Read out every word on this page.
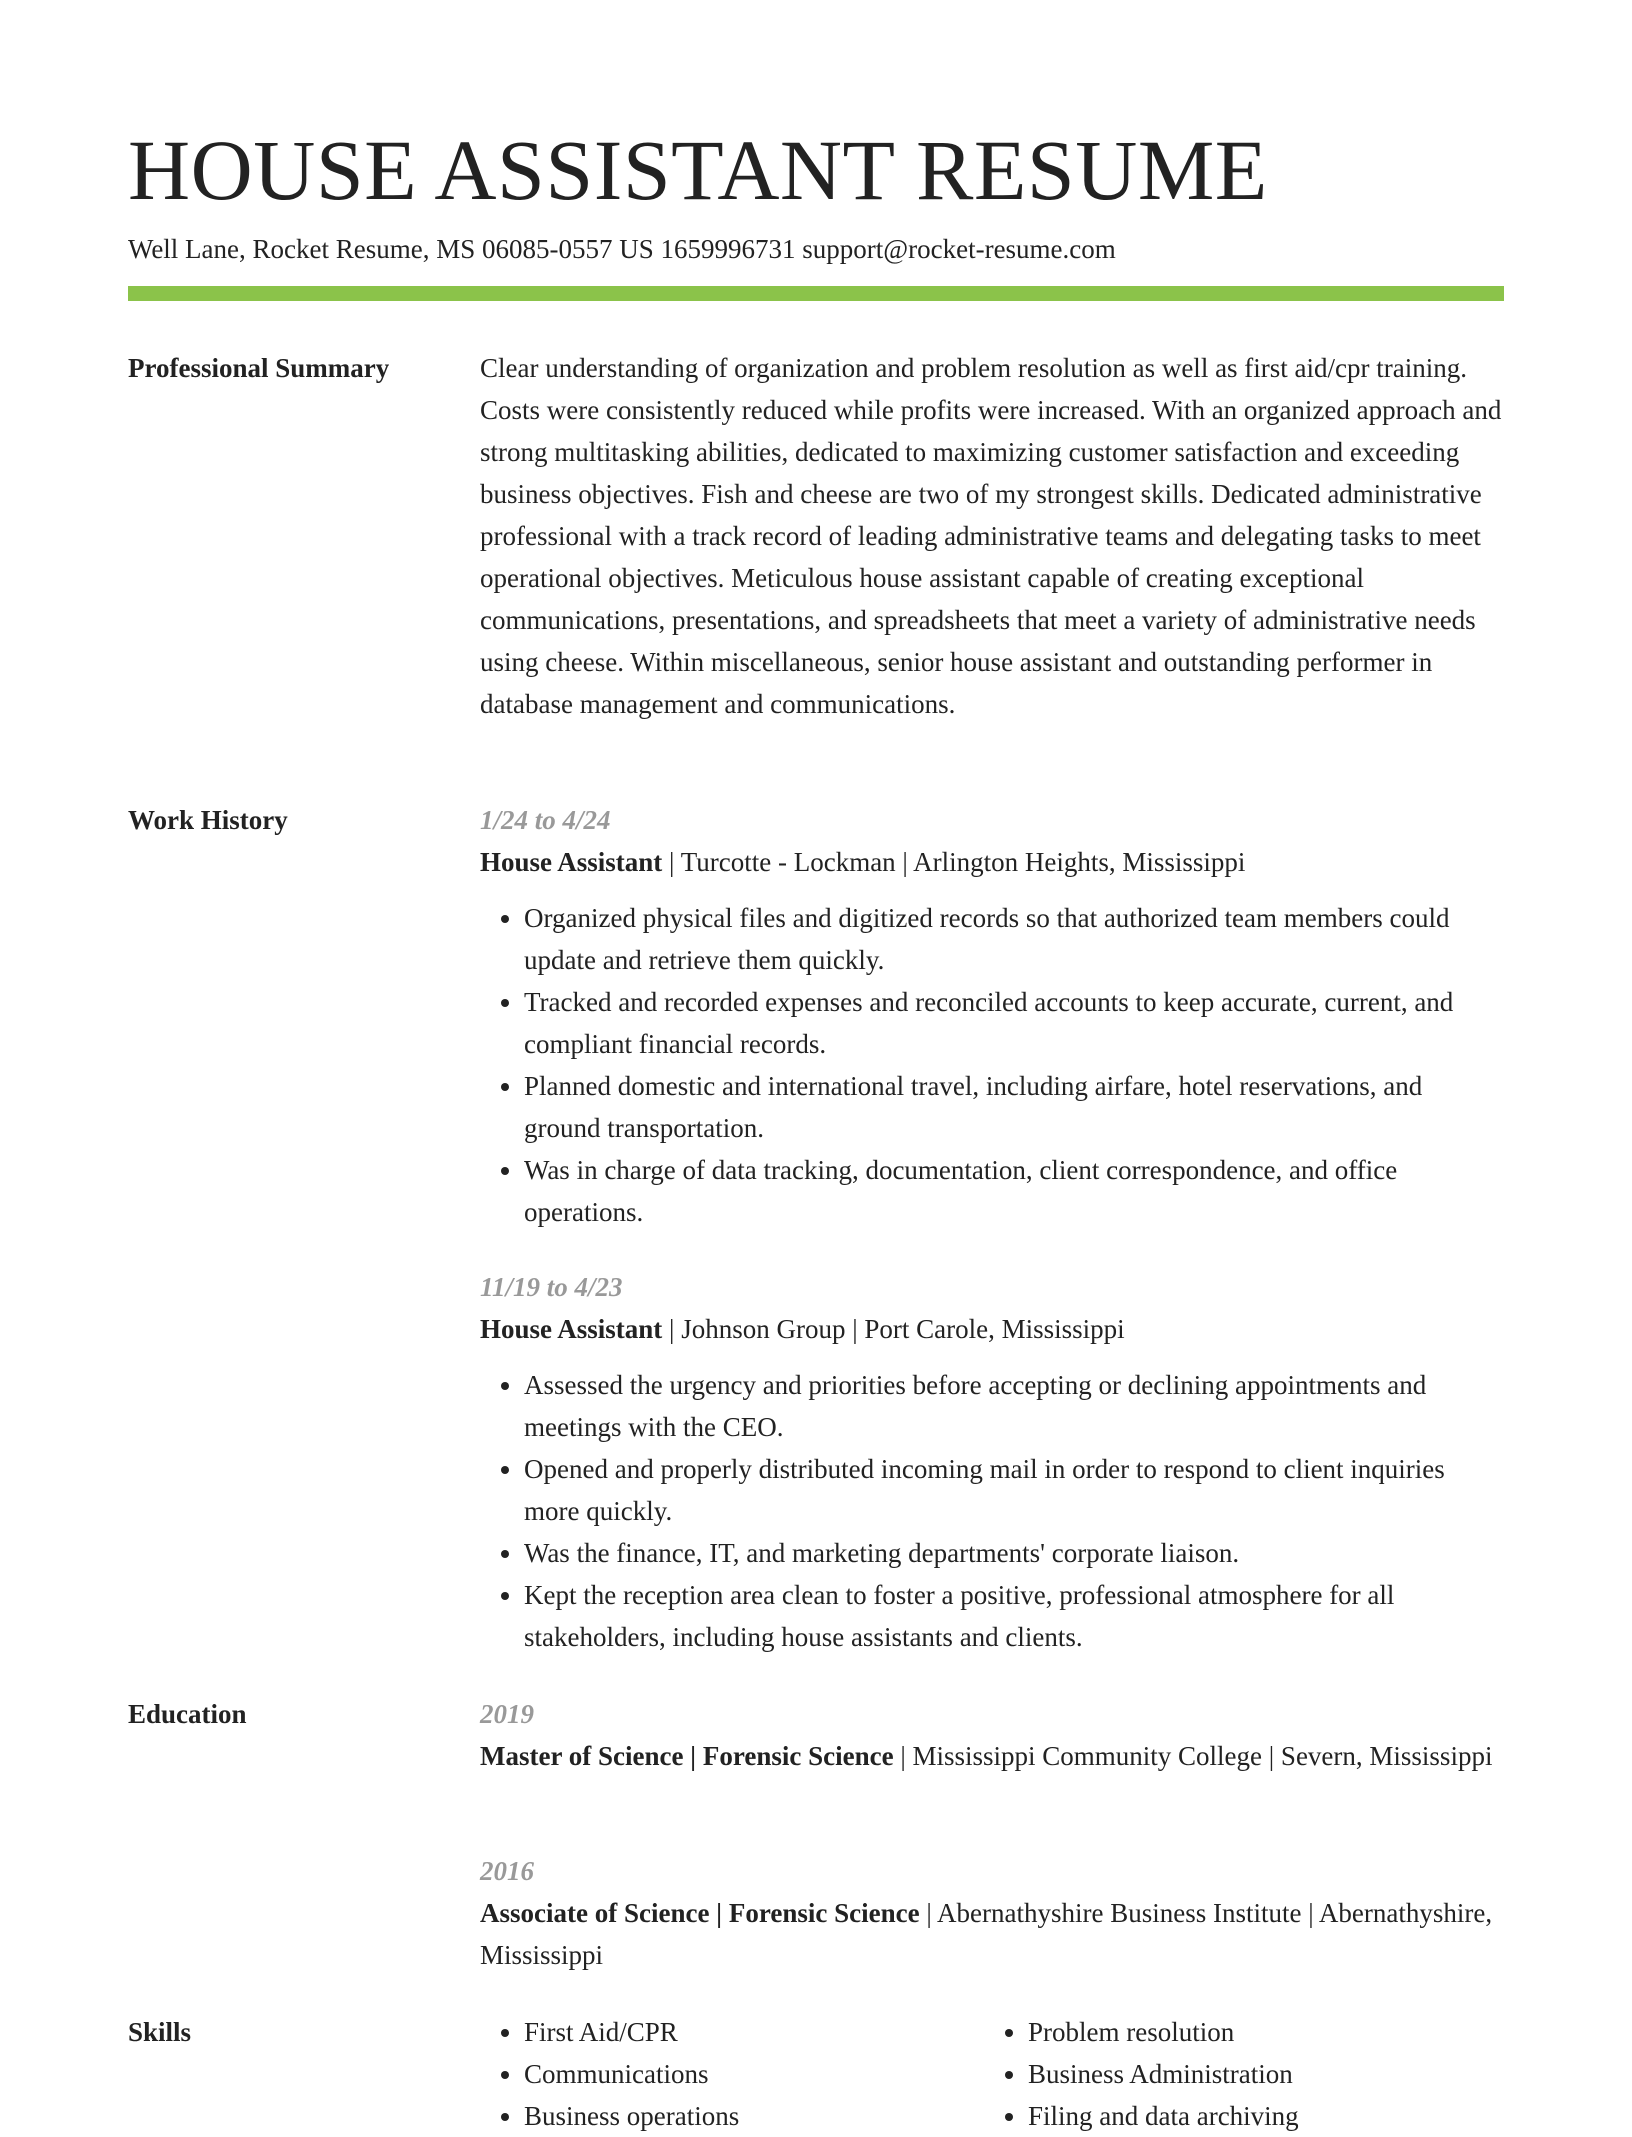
HOUSE ASSISTANT RESUME
Well Lane, Rocket Resume, MS 06085-0557 US 1659996731 support@rocket-resume.com
Professional Summary	Clear understanding of organization and problem resolution as well as first aid/cpr training. Costs were consistently reduced while profits were increased. With an organized approach and strong multitasking abilities, dedicated to maximizing customer satisfaction and exceeding business objectives. Fish and cheese are two of my strongest skills. Dedicated administrative professional with a track record of leading administrative teams and delegating tasks to meet operational objectives. Meticulous house assistant capable of creating exceptional communications, presentations, and spreadsheets that meet a variety of administrative needs using cheese. Within miscellaneous, senior house assistant and outstanding performer in database management and communications.

Work History	1/24 to 4/24
House Assistant | Turcotte - Lockman | Arlington Heights, Mississippi
• Organized physical files and digitized records so that authorized team members could update and retrieve them quickly.
• Tracked and recorded expenses and reconciled accounts to keep accurate, current, and compliant financial records.
• Planned domestic and international travel, including airfare, hotel reservations, and ground transportation.
• Was in charge of data tracking, documentation, client correspondence, and office operations.
11/19 to 4/23
House Assistant | Johnson Group | Port Carole, Mississippi
• Assessed the urgency and priorities before accepting or declining appointments and meetings with the CEO.
• Opened and properly distributed incoming mail in order to respond to client inquiries more quickly.
• Was the finance, IT, and marketing departments' corporate liaison.
• Kept the reception area clean to foster a positive, professional atmosphere for all stakeholders, including house assistants and clients.
Education	2019
Master of Science | Forensic Science | Mississippi Community College | Severn, Mississippi
2016
Associate of Science | Forensic Science | Abernathyshire Business Institute | Abernathyshire, Mississippi
Skills
•	First Aid/CPR
• Communications
• Business operations
• Problem resolution
• Business Administration
• Filing and data archiving
